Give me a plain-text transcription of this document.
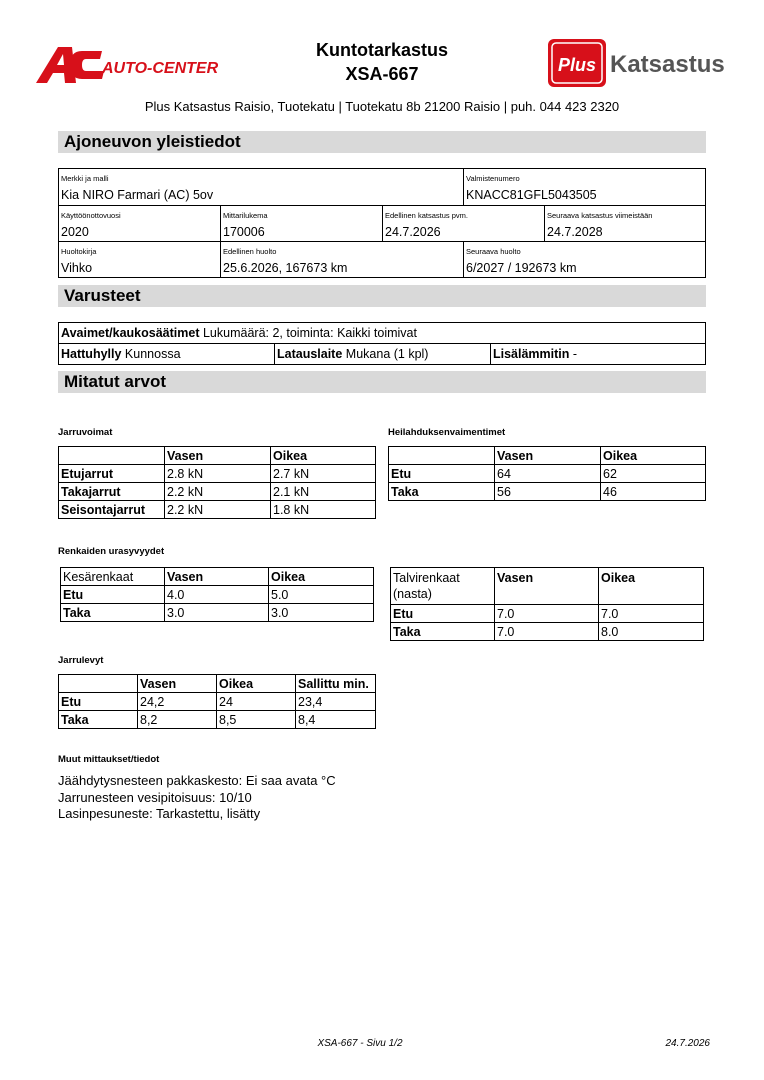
AUTO-CENTER
Kuntotarkastus
XSA-667	Plus Katsastus
Plus Katsastus Raisio, Tuotekatu | Tuotekatu 8b 21200 Raisio | puh. 044 423 2320
Ajoneuvon yleistiedot
Merkki ja malli
Kia NIRO Farmari (AC) 5ov
Valmistenumero
KNACC81GFL5043505
Käyttöönottovuosi
2020
Mittarilukema
170006
Edellinen katsastus pvm.
24.7.2026
Seuraava katsastus viimeistään
24.7.2028
Huoltokirja
Vihko
Edellinen huolto
25.6.2026, 167673 km
Seuraava huolto
6/2027 / 192673 km
Varusteet
Avaimet/kaukosäätimet Lukumäärä: 2, toiminta: Kaikki toimivat
Hattuhylly Kunnossa	Latauslaite Mukana (1 kpl)	Lisälämmitin -
Mitatut arvot
Jarruvoimat
	Vasen	Oikea
Etujarrut	2.8 kN	2.7 kN
Takajarrut	2.2 kN	2.1 kN
Seisontajarrut	2.2 kN	1.8 kN
Heilahduksenvaimentimet
	Vasen	Oikea
Etu	64	62
Taka	56	46
Renkaiden urasyvyydet
Kesärenkaat	Vasen	Oikea
Etu	4.0	5.0
Taka	3.0	3.0
Talvirenkaat
(nasta)	Vasen	Oikea
Etu	7.0	7.0
Taka	7.0	8.0
Jarrulevyt
	Vasen	Oikea	Sallittu min.
Etu	24,2	24	23,4
Taka	8,2	8,5	8,4
Muut mittaukset/tiedot
Jäähdytysnesteen pakkaskesto: Ei saa avata °C
Jarrunesteen vesipitoisuus: 10/10
Lasinpesuneste: Tarkastettu, lisätty
XSA-667 - Sivu 1/2	24.7.2026
